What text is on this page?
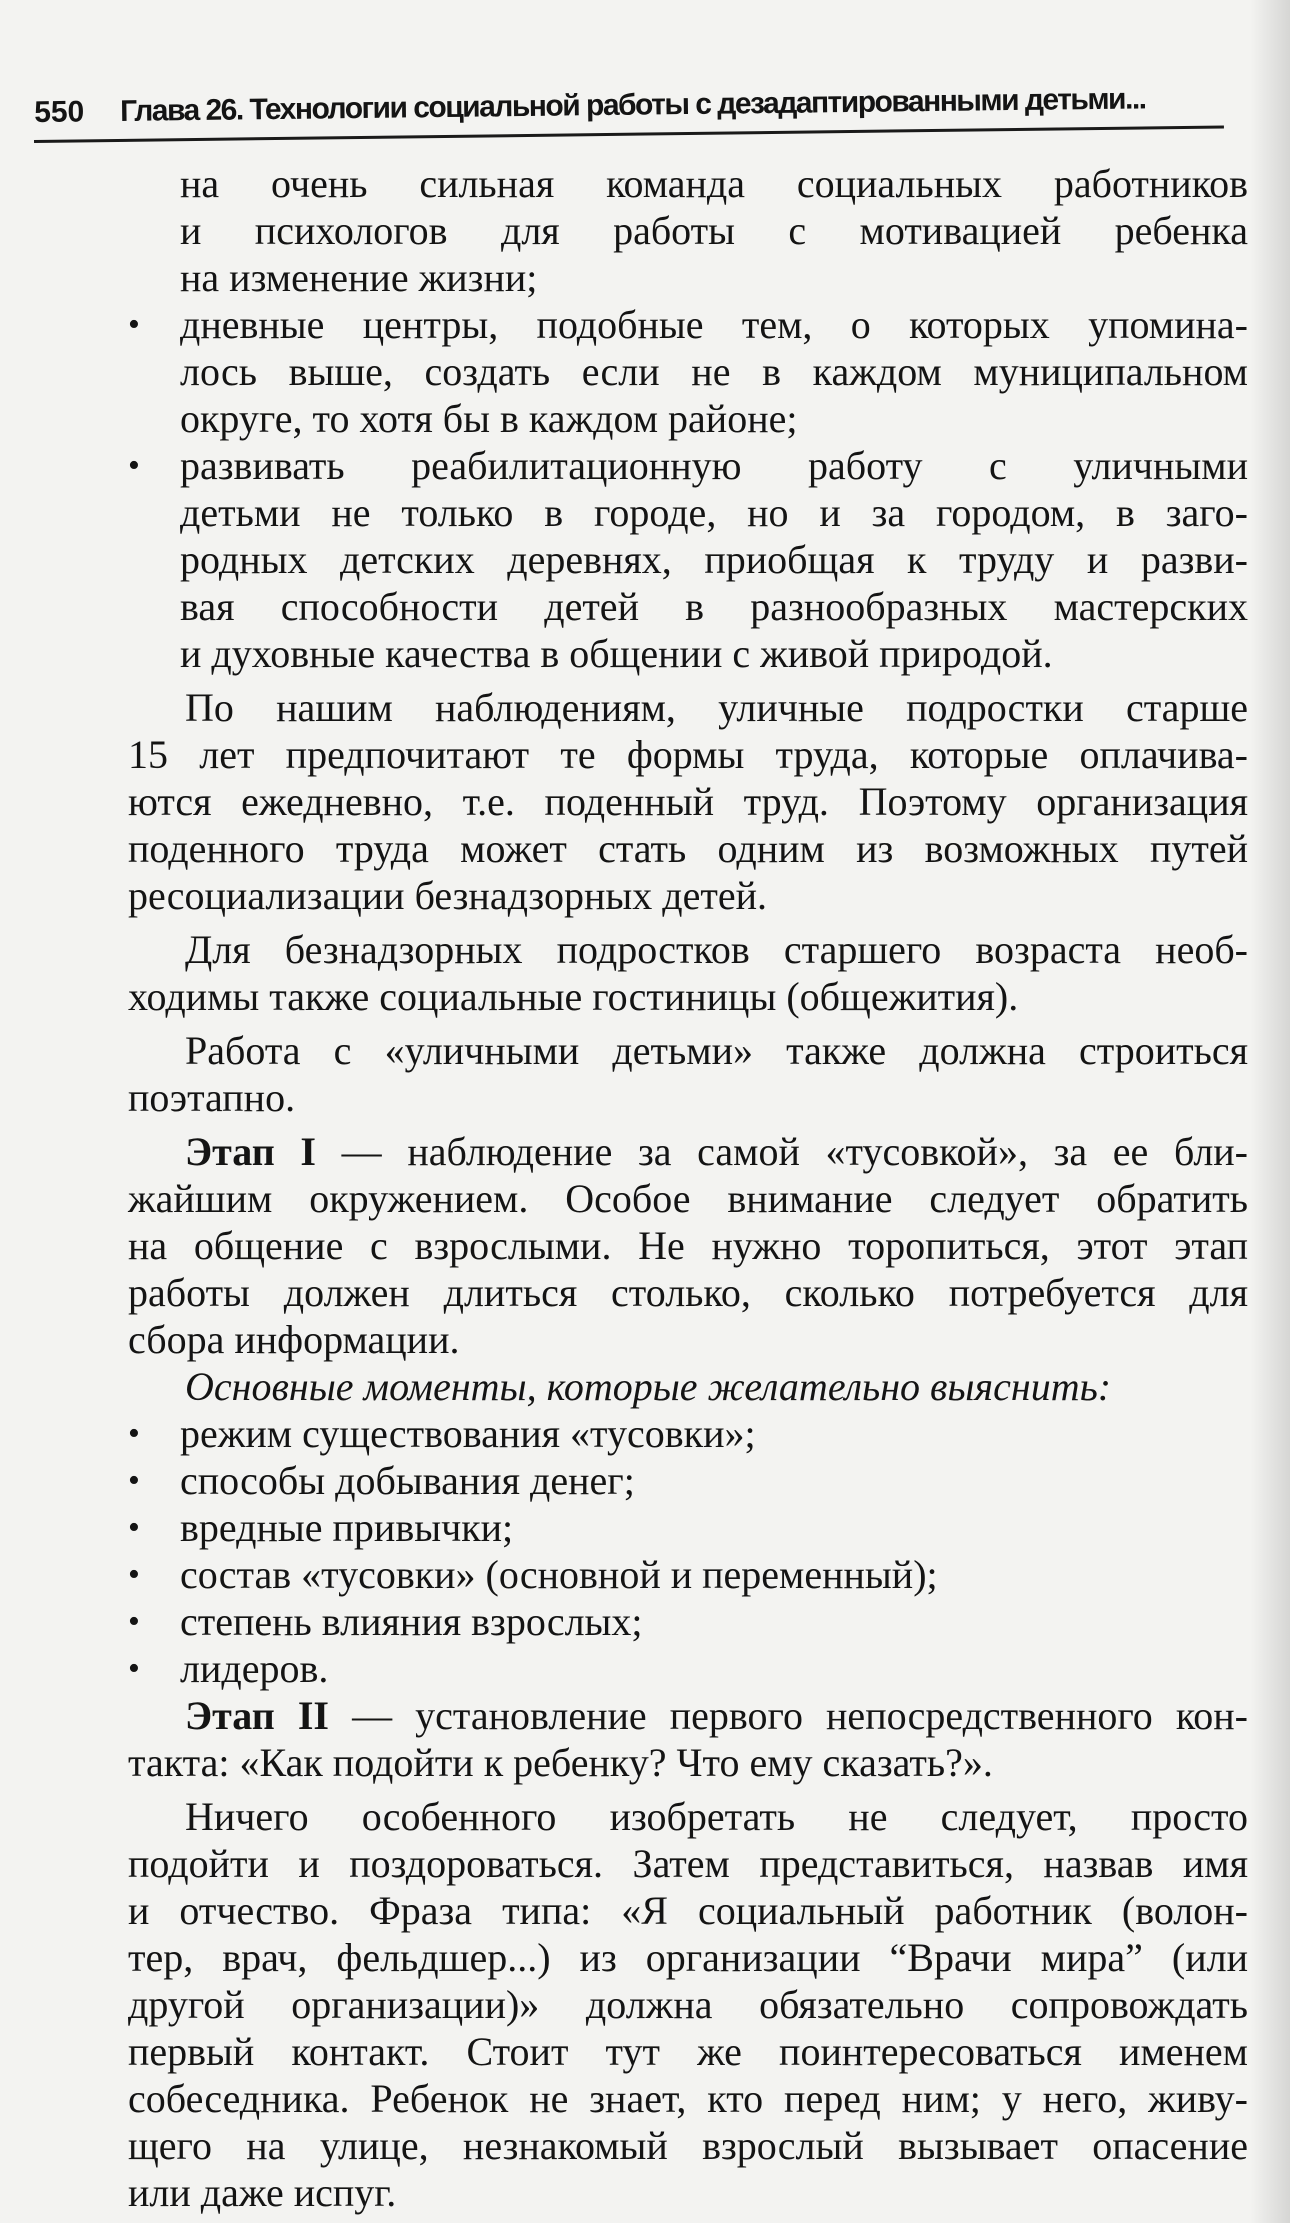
550 Глава 26. Технологии социальной работы с дезадаптированными детьми...
на очень сильная команда социальных работников
и психологов для работы с мотивацией ребенка
на изменение жизни;
• дневные центры, подобные тем, о которых упомина-
лось выше, создать если не в каждом муниципальном
округе, то хотя бы в каждом районе;
• развивать реабилитационную работу с уличными
детьми не только в городе, но и за городом, в заго-
родных детских деревнях, приобщая к труду и разви-
вая способности детей в разнообразных мастерских
и духовные качества в общении с живой природой.
По нашим наблюдениям, уличные подростки старше
15 лет предпочитают те формы труда, которые оплачива-
ются ежедневно, т.е. поденный труд. Поэтому организация
поденного труда может стать одним из возможных путей
ресоциализации безнадзорных детей.
Для безнадзорных подростков старшего возраста необ-
ходимы также социальные гостиницы (общежития).
Работа с «уличными детьми» также должна строиться
поэтапно.
Этап I — наблюдение за самой «тусовкой», за ее бли-
жайшим окружением. Особое внимание следует обратить
на общение с взрослыми. Не нужно торопиться, этот этап
работы должен длиться столько, сколько потребуется для
сбора информации.
Основные моменты, которые желательно выяснить:
• режим существования «тусовки»;
• способы добывания денег;
• вредные привычки;
• состав «тусовки» (основной и переменный);
• степень влияния взрослых;
• лидеров.
Этап II — установление первого непосредственного кон-
такта: «Как подойти к ребенку? Что ему сказать?».
Ничего особенного изобретать не следует, просто
подойти и поздороваться. Затем представиться, назвав имя
и отчество. Фраза типа: «Я социальный работник (волон-
тер, врач, фельдшер...) из организации “Врачи мира” (или
другой организации)» должна обязательно сопровождать
первый контакт. Стоит тут же поинтересоваться именем
собеседника. Ребенок не знает, кто перед ним; у него, живу-
щего на улице, незнакомый взрослый вызывает опасение
или даже испуг.
